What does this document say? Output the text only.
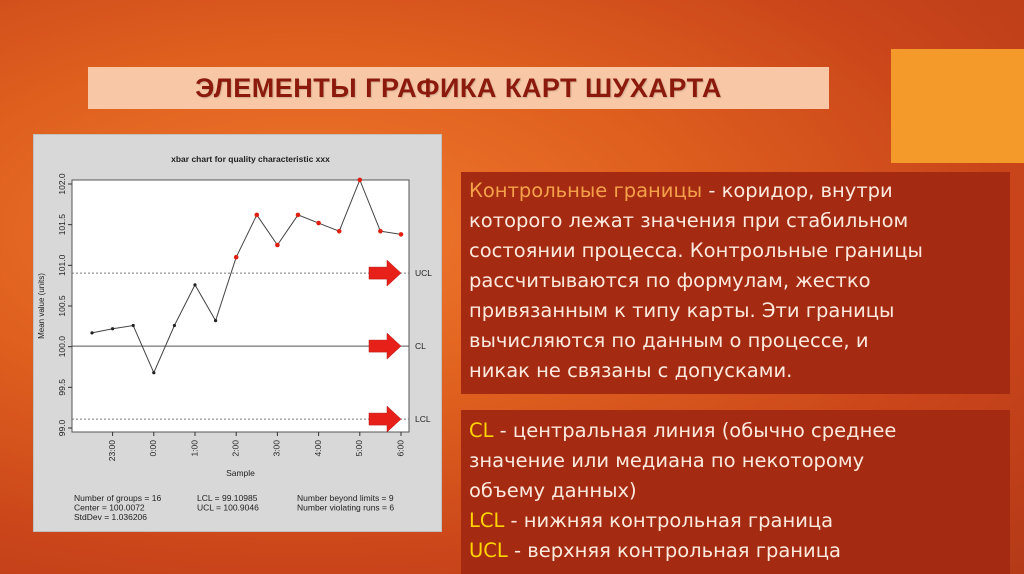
ЭЛЕМЕНТЫ ГРАФИКА КАРТ ШУХАРТА
xbar chart for quality characteristic xxx
99.0
99.5
100.0
100.5
101.0
101.5
102.0
Mean value (units)
23:00	0:00	1:00	2:00	3:00	4:00	5:00	6:00
Sample
UCL
CL
LCL
Number of groups = 16	LCL = 99.10985	Number beyond limits = 9
Center = 100.0072	UCL = 100.9046	Number violating runs = 6
StdDev = 1.036206
Контрольные границы - коридор, внутри
которого лежат значения при стабильном
состоянии процесса. Контрольные границы
рассчитываются по формулам, жестко
привязанным к типу карты. Эти границы
вычисляются по данным о процессе, и
никак не связаны с допусками.
CL - центральная линия (обычно среднее
значение или медиана по некоторому
объему данных)
LCL - нижняя контрольная граница
UCL - верхняя контрольная граница
